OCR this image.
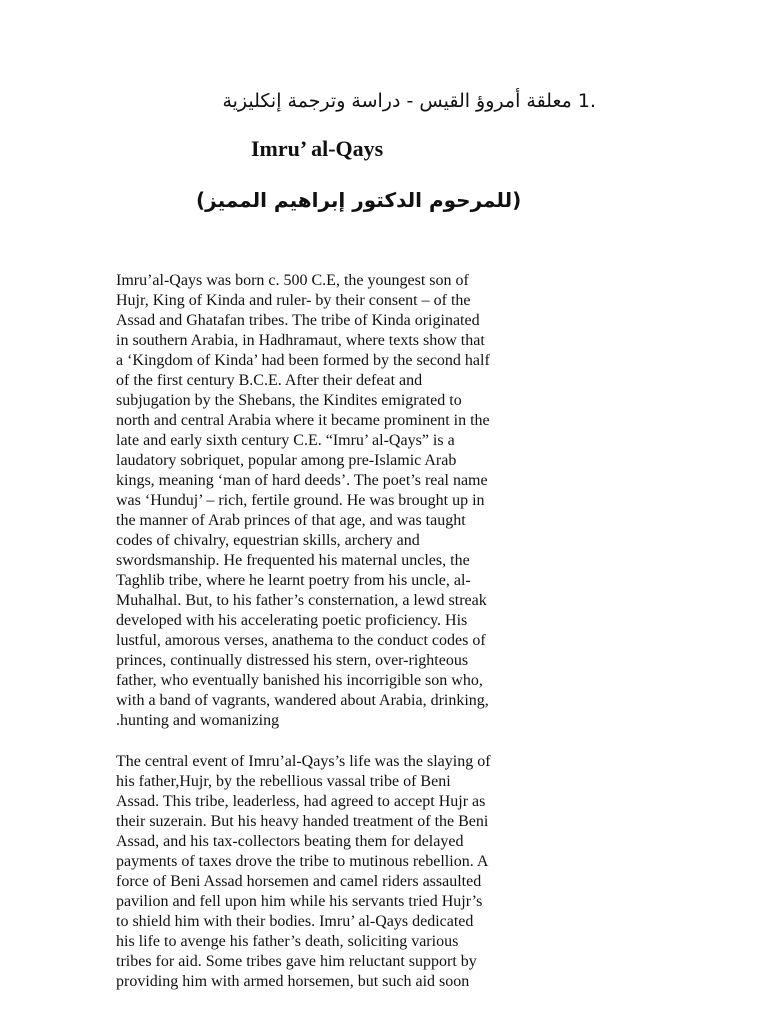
.1 معلقة أمروؤ القيس - دراسة وترجمة إنكليزية
Imru’ al-Qays
(للمرحوم الدكتور إبراهيم المميز)
Imru’al-Qays was born c. 500 C.E, the youngest son of
Hujr, King of Kinda and ruler- by their consent – of the
Assad and Ghatafan tribes. The tribe of Kinda originated
in southern Arabia, in Hadhramaut, where texts show that
a ‘Kingdom of Kinda’ had been formed by the second half
of the first century B.C.E. After their defeat and
subjugation by the Shebans, the Kindites emigrated to
north and central Arabia where it became prominent in the
late and early sixth century C.E. “Imru’ al-Qays” is a
laudatory sobriquet, popular among pre-Islamic Arab
kings, meaning ‘man of hard deeds’. The poet’s real name
was ‘Hunduj’ – rich, fertile ground. He was brought up in
the manner of Arab princes of that age, and was taught
codes of chivalry, equestrian skills, archery and
swordsmanship. He frequented his maternal uncles, the
Taghlib tribe, where he learnt poetry from his uncle, al-
Muhalhal. But, to his father’s consternation, a lewd streak
developed with his accelerating poetic proficiency. His
lustful, amorous verses, anathema to the conduct codes of
princes, continually distressed his stern, over-righteous
father, who eventually banished his incorrigible son who,
with a band of vagrants, wandered about Arabia, drinking,
.hunting and womanizing
The central event of Imru’al-Qays’s life was the slaying of
his father,Hujr, by the rebellious vassal tribe of Beni
Assad. This tribe, leaderless, had agreed to accept Hujr as
their suzerain. But his heavy handed treatment of the Beni
Assad, and his tax-collectors beating them for delayed
payments of taxes drove the tribe to mutinous rebellion. A
force of Beni Assad horsemen and camel riders assaulted
pavilion and fell upon him while his servants tried Hujr’s
to shield him with their bodies. Imru’ al-Qays dedicated
his life to avenge his father’s death, soliciting various
tribes for aid. Some tribes gave him reluctant support by
providing him with armed horsemen, but such aid soon
